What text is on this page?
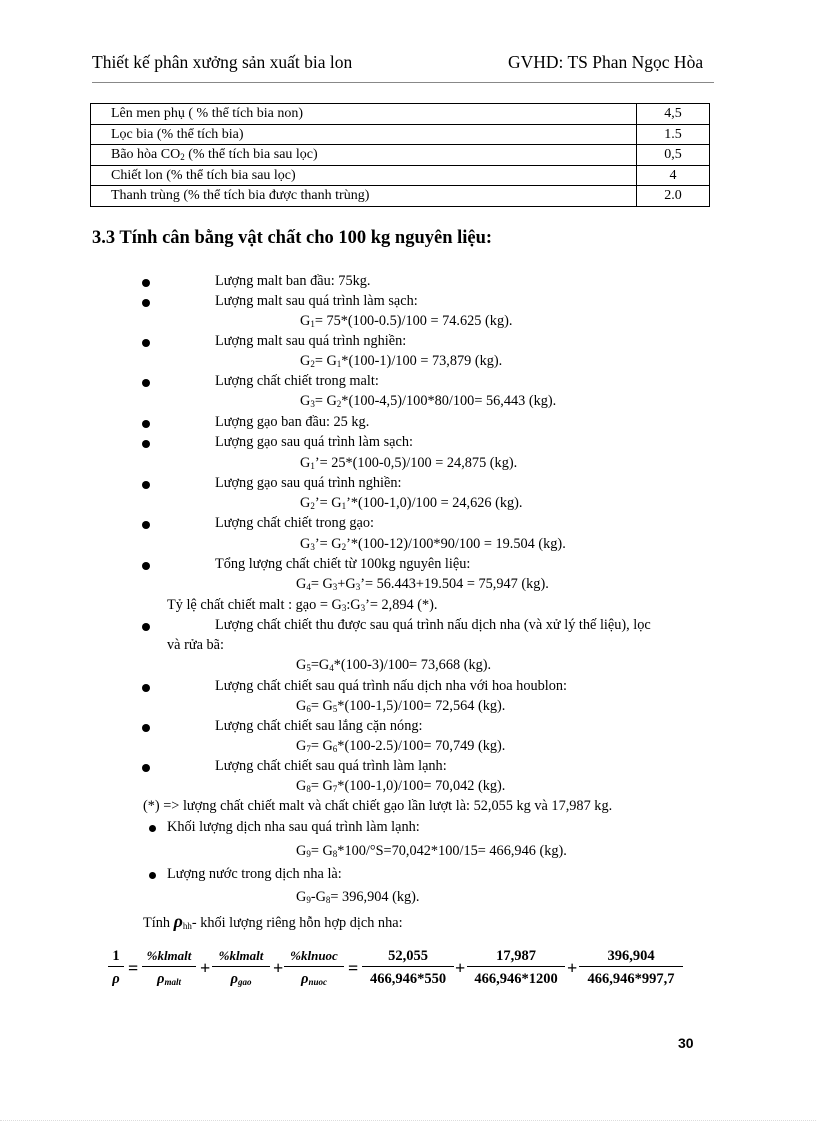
Thiết kế phân xưởng sản xuất bia lon	GVHD: TS Phan Ngọc Hòa
Lên men phụ ( % thể tích bia non)	4,5
Lọc bia (% thể tích bia)	1.5
Bão hòa $CO_2$ (% thể tích bia sau lọc)	0,5
Chiết lon (% thể tích bia sau lọc)	4
Thanh trùng (% thể tích bia được thanh trùng)	2.0
3.3 Tính cân bằng vật chất cho 100 kg nguyên liệu:
Lượng malt ban đầu: 75kg.
Lượng malt sau quá trình làm sạch:
$G_1= 75*(100-0.5)/100 = 74.625$ (kg).
Lượng malt sau quá trình nghiền:
$G_2= G_1*(100-1)/100 = 73,879$ (kg).
Lượng chất chiết trong malt:
$G_3= G_2*(100-4,5)/100*80/100= 56,443$ (kg).
Lượng gạo ban đầu: 25 kg.
Lượng gạo sau quá trình làm sạch:
$G_1’= 25*(100-0,5)/100 = 24,875$ (kg).
Lượng gạo sau quá trình nghiền:
$G_2’=$ $G_1’*(100-1,0)/100 = 24,626$ (kg).
Lượng chất chiết trong gạo:
$G_3’=$ $G_2’*(100-12)/100*90/100 = 19.504$ (kg).
Tổng lượng chất chiết từ 100kg nguyên liệu:
$G_4=$ $G_3+G_3’= 56.443+19.504 = 75,947$ (kg).
Tỷ lệ chất chiết malt : gạo = $G_3:G_3’= 2,894$ (*).
Lượng chất chiết thu được sau quá trình nấu dịch nha (và xử lý thế liệu), lọc
và rửa bã:
$G_5=G_4*(100-3)/100= 73,668$ (kg).
Lượng chất chiết sau quá trình nấu dịch nha với hoa houblon:
$G_6= G_5*(100-1,5)/100= 72,564$ (kg).
Lượng chất chiết sau lắng cặn nóng:
$G_7= G_6*(100-2.5)/100= 70,749$ (kg).
Lượng chất chiết sau quá trình làm lạnh:
$G_8= G_7*(100-1,0)/100= 70,042$ (kg).
(*) => lượng chất chiết malt và chất chiết gạo lần lượt là: 52,055 kg và 17,987 kg.
Khối lượng dịch nha sau quá trình làm lạnh:
$G_9= G_8*100/^\circ S=70,042*100/15= 466,946$ (kg).
Lượng nước trong dịch nha là:
$G_9-G_8= 396,904$ (kg).
Tính $\rho_{hh}-$ khối lượng riêng hỗn hợp dịch nha:
$\frac{1}{\rho}$ =
%klmalt
$\rho_{malt}$
+
%klmalt
$\rho_{gao}$
+
%klnuoc
$\rho_{nuoc}$
= $\frac{52,055}{466,946*550} + \frac{17,987}{466,946*1200} + \frac{396,904}{466,946*997,7}$
30
